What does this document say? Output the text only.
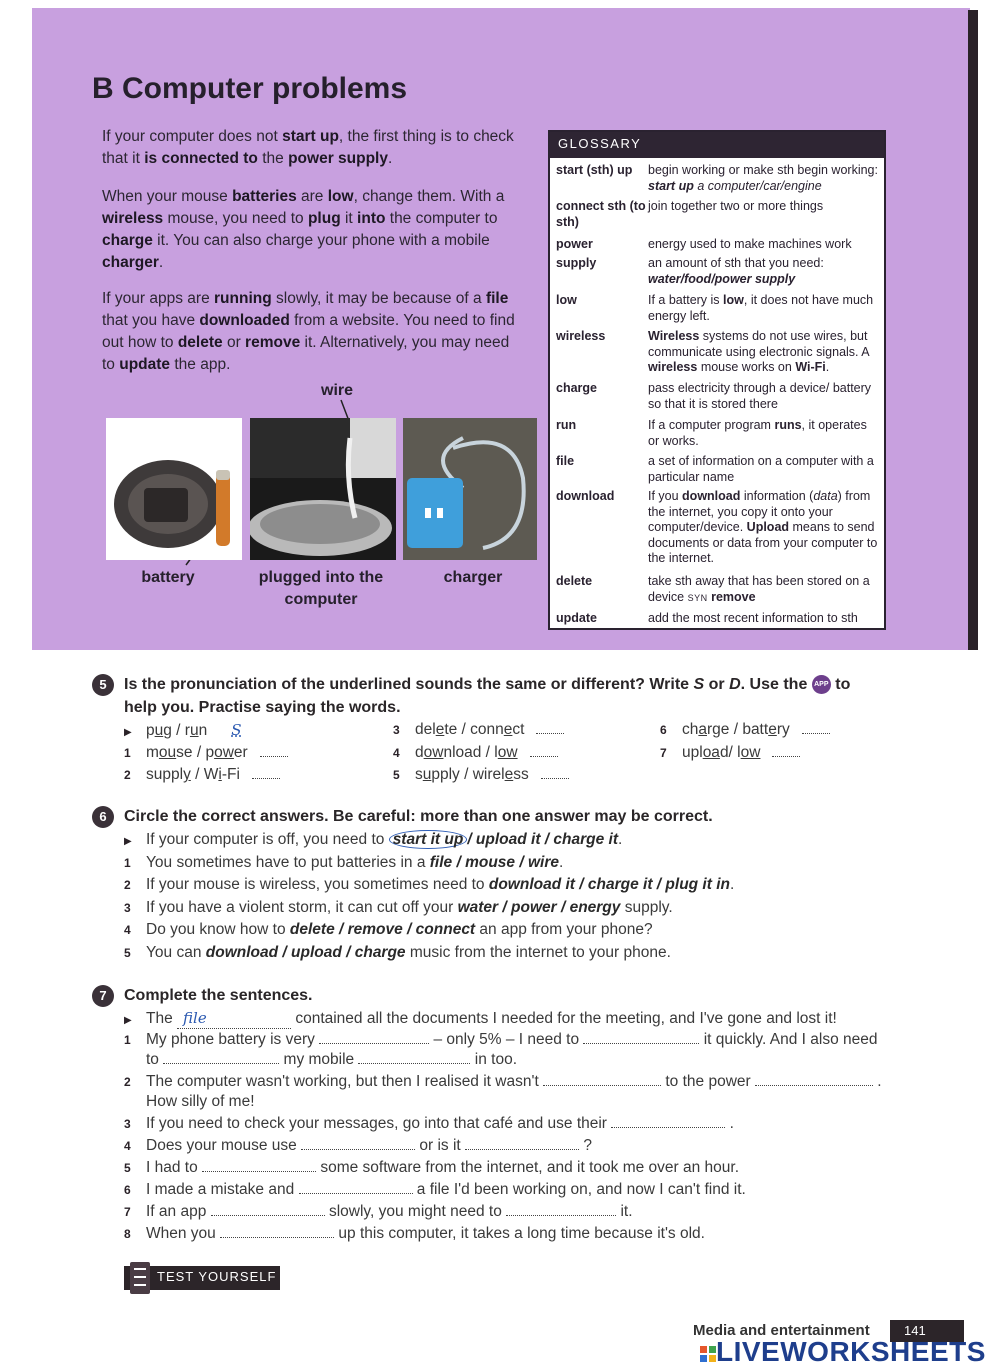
B Computer problems

If your computer does not start up, the first thing is to check that it is connected to the power supply.

When your mouse batteries are low, change them. With a wireless mouse, you need to plug it into the computer to charge it. You can also charge your phone with a mobile charger.

If your apps are running slowly, it may be because of a file that you have downloaded from a website. You need to find out how to delete or remove it. Alternatively, you may need to update the app.

wire
battery	plugged into the computer
charger
GLOSSARY
start (sth) up	begin working or make sth begin working: start up a computer/car/engine
connect sth (to sth)
join together two or more things
power	energy used to make machines work
supply	an amount of sth that you need:
water/food/power supply
low	If a battery is low, it does not have much energy left.
wireless	Wireless systems do not use wires, but communicate using electronic signals. A wireless mouse works on Wi-Fi.
charge	pass electricity through a device/ battery so that it is stored there
run	If a computer program runs, it operates or works.
file	a set of information on a computer with a particular name
download	If you download information (data) from the internet, you copy it onto your computer/device. Upload means to send documents or data from your computer to the internet.
delete	take sth away that has been stored on a device SYN remove
update	add the most recent information to sth
5	Is the pronunciation of the underlined sounds the same or different? Write S or D. Use the APP to help you. Practise saying the words.
▶ pug / run S
1 mouse / power
2 supply / Wi-Fi
3 delete / connect
4 download / low
5 supply / wireless
6 charge / battery
7 upload/ low
6	Circle the correct answers. Be careful: more than one answer may be correct.
▶ If your computer is off, you need to start it up / upload it / charge it.
1 You sometimes have to put batteries in a file / mouse / wire.
2 If your mouse is wireless, you sometimes need to download it / charge it / plug it in.
3 If you have a violent storm, it can cut off your water / power / energy supply.
4 Do you know how to delete / remove / connect an app from your phone?
5 You can download / upload / charge music from the internet to your phone.
7	Complete the sentences.
▶ The file	contained all the documents I needed for the meeting, and I've gone and lost it!
1 My phone battery is very	– only 5% – I need to	it quickly. And I also need
to	my mobile	in too.
2 The computer wasn't working, but then I realised it wasn't	to the power	.
How silly of me!
3 If you need to check your messages, go into that café and use their	.
4 Does your mouse use	or is it	?
5 I had to	some software from the internet, and it took me over an hour.
6 I made a mistake and	a file I'd been working on, and now I can't find it.
7 If an app	slowly, you might need to	it.
8 When you	up this computer, it takes a long time because it's old.
TEST YOURSELF
Media and entertainment	141
LIVEWORKSHEETS
